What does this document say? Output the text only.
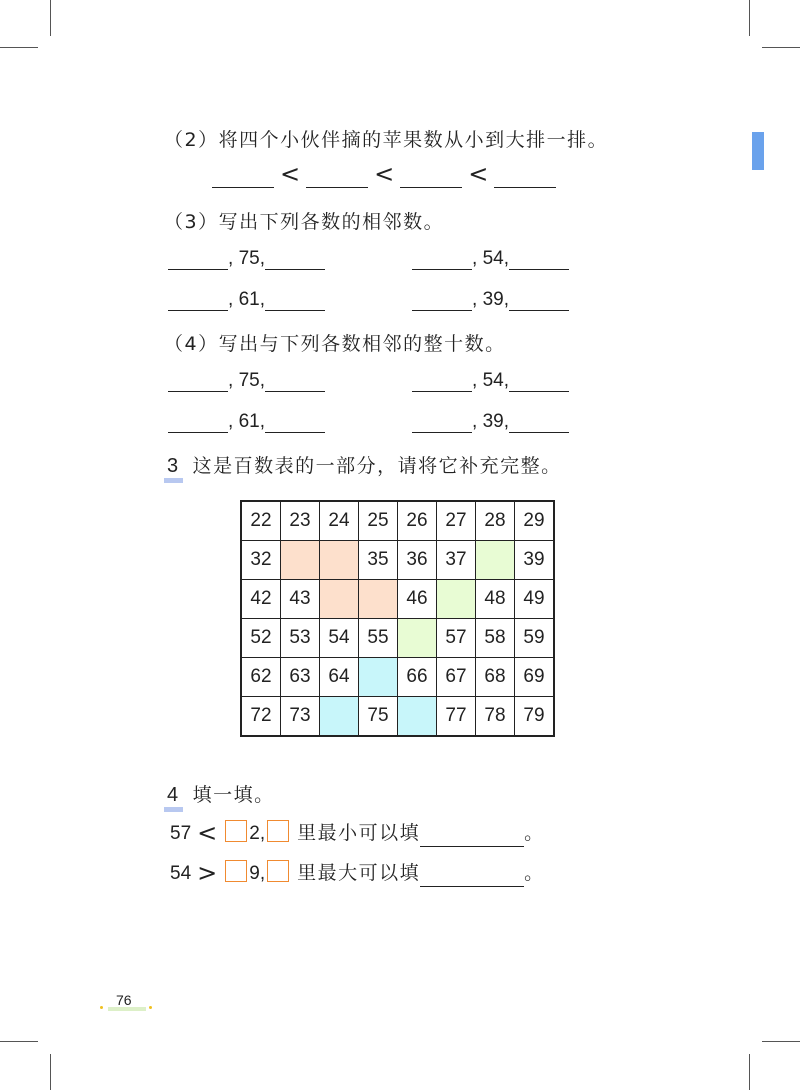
（2）将四个小伙伴摘的苹果数从小到大排一排。
<	<	<
（3）写出下列各数的相邻数。
, 75,	, 54,
, 61,	, 39,
（4）写出与下列各数相邻的整十数。
, 75,	, 54,
, 61,	, 39,
3 这是百数表的一部分，请将它补充完整。
22	23	24	25	26	27	28	29
32			35	36	37		39
42	43			46		48	49
52	53	54	55		57	58	59
62	63	64		66	67	68	69
72	73		75		77	78	79
4 填一填。
57 < 2, 里最小可以填	。
54 > 9, 里最大可以填	。
76
